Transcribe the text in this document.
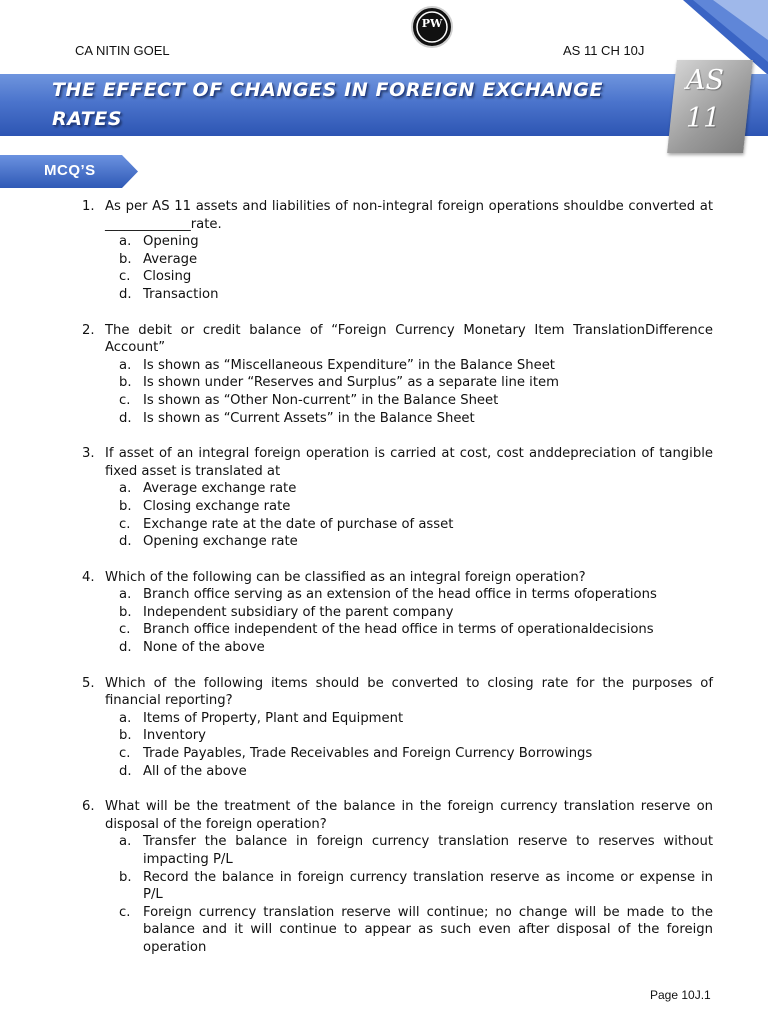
CA NITIN GOEL
PW
AS 11 CH 10J
THE EFFECT OF CHANGES IN FOREIGN EXCHANGE
RATES
AS
11
MCQ’S
1. As per AS 11 assets and liabilities of non-integral foreign operations shouldbe converted at _____________rate.
a. Opening
b. Average
c. Closing
d. Transaction
2. The debit or credit balance of “Foreign Currency Monetary Item TranslationDifference Account”
a. Is shown as “Miscellaneous Expenditure” in the Balance Sheet
b. Is shown under “Reserves and Surplus” as a separate line item
c. Is shown as “Other Non-current” in the Balance Sheet
d. Is shown as “Current Assets” in the Balance Sheet
3. If asset of an integral foreign operation is carried at cost, cost anddepreciation of tangible fixed asset is translated at
a. Average exchange rate
b. Closing exchange rate
c. Exchange rate at the date of purchase of asset
d. Opening exchange rate
4. Which of the following can be classified as an integral foreign operation?
a. Branch office serving as an extension of the head office in terms ofoperations
b. Independent subsidiary of the parent company
c. Branch office independent of the head office in terms of operationaldecisions
d. None of the above
5. Which of the following items should be converted to closing rate for the purposes of financial reporting?
a. Items of Property, Plant and Equipment
b. Inventory
c. Trade Payables, Trade Receivables and Foreign Currency Borrowings
d. All of the above
6. What will be the treatment of the balance in the foreign currency translation reserve on disposal of the foreign operation?
a. Transfer the balance in foreign currency translation reserve to reserves without impacting P/L
b. Record the balance in foreign currency translation reserve as income or expense in P/L
c. Foreign currency translation reserve will continue; no change will be made to the balance and it will continue to appear as such even after disposal of the foreign operation
Page 10J.1
